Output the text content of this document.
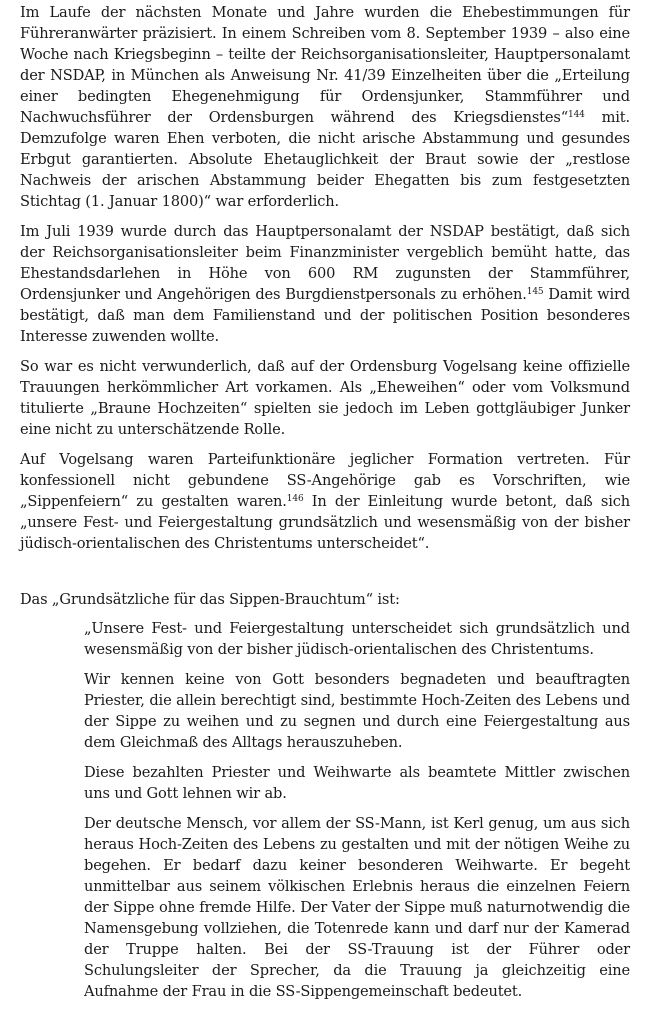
Im Laufe der nächsten Monate und Jahre wurden die Ehebestimmungen für Führeranwärter präzisiert. In einem Schreiben vom 8. September 1939 – also eine Woche nach Kriegsbeginn – teilte der Reichsorganisationsleiter, Hauptpersonalamt der NSDAP, in München als Anweisung Nr. 41/39 Einzelheiten über die „Erteilung einer bedingten Ehegenehmigung für Ordensjunker, Stammführer und Nachwuchsführer der Ordensburgen während des Kriegsdienstes“$^{144}$ mit. Demzufolge waren Ehen verboten, die nicht arische Abstammung und gesundes Erbgut garantierten. Absolute Ehetauglichkeit der Braut sowie der „restlose Nachweis der arischen Abstammung beider Ehegatten bis zum festgesetzten Stichtag (1. Januar 1800)“ war erforderlich.

Im Juli 1939 wurde durch das Hauptpersonalamt der NSDAP bestätigt, daß sich der Reichsorganisationsleiter beim Finanzminister vergeblich bemüht hatte, das Ehestandsdarlehen in Höhe von 600 RM zugunsten der Stammführer, Ordensjunker und Angehörigen des Burgdienstpersonals zu erhöhen.$^{145}$ Damit wird bestätigt, daß man dem Familienstand und der politischen Position besonderes Interesse zuwenden wollte.

So war es nicht verwunderlich, daß auf der Ordensburg Vogelsang keine offizielle Trauungen herkömmlicher Art vorkamen. Als „Eheweihen“ oder vom Volksmund titulierte „Braune Hochzeiten“ spielten sie jedoch im Leben gottgläubiger Junker eine nicht zu unterschätzende Rolle.

Auf Vogelsang waren Parteifunktionäre jeglicher Formation vertreten. Für konfessionell nicht gebundene SS-Angehörige gab es Vorschriften, wie „Sippenfeiern“ zu gestalten waren.$^{146}$ In der Einleitung wurde betont, daß sich „unsere Fest- und Feiergestaltung grundsätzlich und wesensmäßig von der bisher jüdisch-orientalischen des Christentums unterscheidet“.

Das „Grundsätzliche für das Sippen-Brauchtum“ ist:

„Unsere Fest- und Feiergestaltung unterscheidet sich grundsätzlich und wesensmäßig von der bisher jüdisch-orientalischen des Christentums.

Wir kennen keine von Gott besonders begnadeten und beauftragten Priester, die allein berechtigt sind, bestimmte Hoch-Zeiten des Lebens und der Sippe zu weihen und zu segnen und durch eine Feiergestaltung aus dem Gleichmaß des Alltags herauszuheben.

Diese bezahlten Priester und Weihwarte als beamtete Mittler zwischen uns und Gott lehnen wir ab.

Der deutsche Mensch, vor allem der SS-Mann, ist Kerl genug, um aus sich heraus Hoch-Zeiten des Lebens zu gestalten und mit der nötigen Weihe zu begehen. Er bedarf dazu keiner besonderen Weihwarte. Er begeht unmittelbar aus seinem völkischen Erlebnis heraus die einzelnen Feiern der Sippe ohne fremde Hilfe. Der Vater der Sippe muß naturnotwendig die Namensgebung vollziehen, die Totenrede kann und darf nur der Kamerad der Truppe halten. Bei der SS-Trauung ist der Führer oder Schulungsleiter der Sprecher, da die Trauung ja gleichzeitig eine Aufnahme der Frau in die SS-Sippengemeinschaft bedeutet.
